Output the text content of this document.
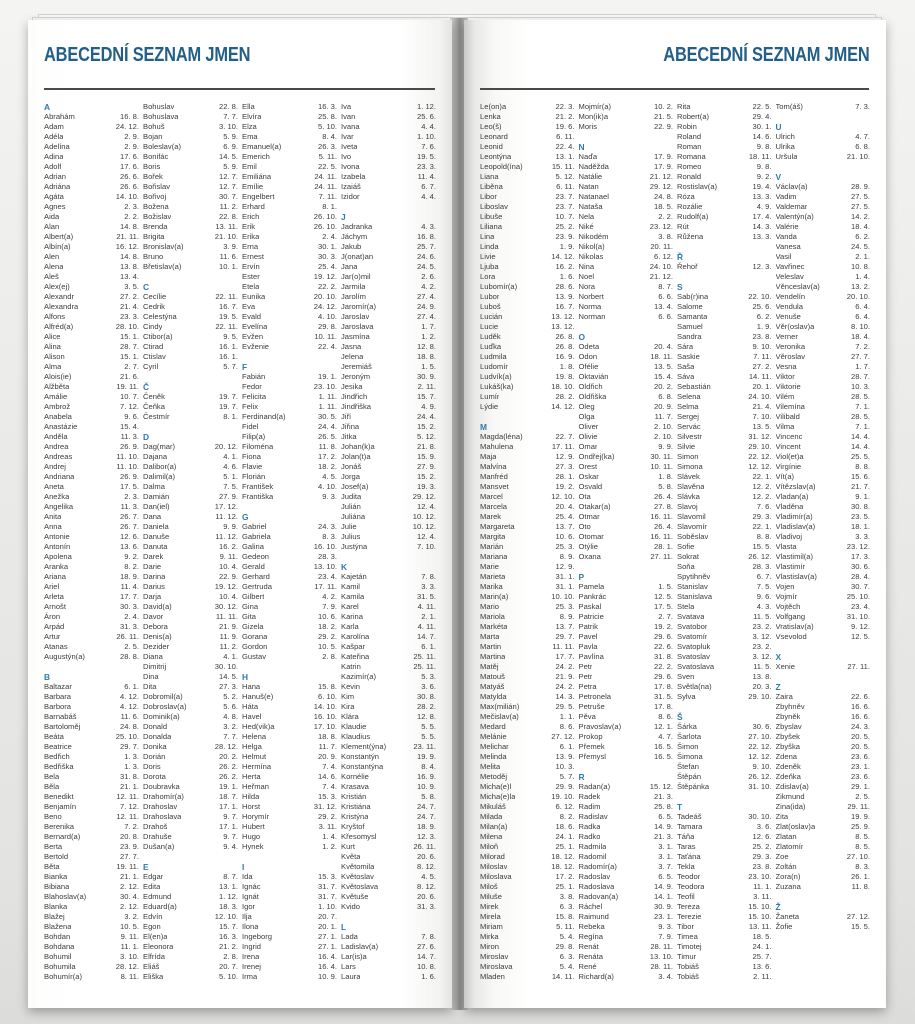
ABECEDNÍ SEZNAM JMEN
A
Abrahám	16. 8.
Adam	24. 12.
Adéla	2. 9.
Adelína	2. 9.
Adina	17. 6.
Adolf	17. 6.
Adrian	26. 6.
Adriána	26. 6.
Agáta	14. 10.
Agnes	2. 3.
Aida	2. 2.
Alan	14. 8.
Albert(a)	21. 11.
Albín(a)	16. 12.
Alen	14. 8.
Alena	13. 8.
Aleš	13. 4.
Alex(ej)	3. 5.
Alexandr	27. 2.
Alexandra	21. 4.
Alfons	23. 3.
Alfréd(a)	28. 10.
Alice	15. 1.
Alina	28. 7.
Alison	15. 1.
Alma	2. 7.
Alois(ie)	21. 6.
Alžběta	19. 11.
Amálie	10. 7.
Ambrož	7. 12.
Anabela	9. 6.
Anastázie	15. 4.
Anděla	11. 3.
Andrea	26. 9.
Andreas	11. 10.
Andrej	11. 10.
Andriana	26. 9.
Aneta	17. 5.
Anežka	2. 3.
Angelika	11. 3.
Anita	26. 7.
Anna	26. 7.
Antonie	12. 6.
Antonín	13. 6.
Apolena	9. 2.
Aranka	8. 2.
Ariana	18. 9.
Ariel	11. 4.
Arleta	17. 7.
Arnošt	30. 3.
Áron	2. 4.
Arpád	31. 3.
Artur	26. 11.
Atanas	2. 5.
Augustýn(a)	28. 8.
B
Baltazar	6. 1.
Barbara	4. 12.
Barbora	4. 12.
Barnabáš	11. 6.
Bartoloměj	24. 8.
Beáta	25. 10.
Beatrice	29. 7.
Bedřich	1. 3.
Bedřiška	1. 3.
Bela	31. 8.
Běla	21. 1.
Benedikt	12. 11.
Benjamín	7. 12.
Beno	12. 11.
Berenika	7. 2.
Bernard(a)	20. 8.
Berta	23. 9.
Bertold	27. 7.
Běta	19. 11.
Bianka	21. 1.
Bibiana	2. 12.
Blahoslav(a)	30. 4.
Blanka	2. 12.
Blažej	3. 2.
Blažena	10. 5.
Bohdan	9. 11.
Bohdana	11. 1.
Bohumil	3. 10.
Bohumila	28. 12.
Bohumír(a)	8. 11.
Bohuslav	22. 8.
Bohuslava	7. 7.
Bohuš	3. 10.
Bojan	5. 9.
Boleslav(a)	6. 9.
Bonifác	14. 5.
Boris	5. 9.
Bořek	12. 7.
Bořislav	12. 7.
Bořivoj	30. 7.
Božena	11. 2.
Božislav	22. 8.
Brenda	13. 11.
Brigita	21. 10.
Bronislav(a)	3. 9.
Bruno	11. 6.
Břetislav(a)	10. 1.
C
Cecílie	22. 11.
Cedrik	16. 7.
Celestýna	19. 5.
Cindy	22. 11.
Ctibor(a)	9. 5.
Ctirad	16. 1.
Ctislav	16. 1.
Cyril	5. 7.
Č
Čeněk	19. 7.
Čeňka	19. 7.
Čestmír	8. 1.
D
Dag(mar)	20. 12.
Dajana	4. 1.
Dalibor(a)	4. 6.
Dalimil(a)	5. 1.
Dalma	7. 5.
Damián	27. 9.
Dan(iel)	17. 12.
Dana	11. 12.
Daniela	9. 9.
Danuše	11. 12.
Danuta	16. 2.
Darek	9. 11.
Darie	10. 4.
Darina	22. 9.
Darius	19. 12.
Darja	10. 4.
David(a)	30. 12.
Davor	11. 11.
Debora	21. 9.
Denis(a)	11. 9.
Dezider	11. 2.
Diana	4. 1.
Dimitrij	30. 10.
Dina	14. 5.
Dita	27. 3.
Dobromil(a)	5. 2.
Dobroslav(a)	5. 6.
Dominik(a)	4. 8.
Donald	3. 2.
Donalda	7. 7.
Donika	28. 12.
Dorián	20. 2.
Doris	26. 2.
Dorota	26. 2.
Doubravka	19. 1.
Drahomír(a)	18. 7.
Drahoslav	17. 1.
Drahoslava	9. 7.
Drahoš	17. 1.
Drahuše	9. 7.
Dušan(a)	9. 4.
E
Edgar	8. 7.
Edita	13. 1.
Edmund	1. 12.
Eduard(a)	18. 3.
Edvín	12. 10.
Egon	15. 7.
El(en)a	16. 3.
Eleonora	21. 2.
Elfrída	2. 8.
Eliáš	20. 7.
Eliška	5. 10.
Ella	16. 3.
Elvíra	25. 8.
Elza	5. 10.
Ema	8. 4.
Emanuel(a)	26. 3.
Emerich	5. 11.
Emil	22. 5.
Emiliána	24. 11.
Emílie	24. 11.
Engelbert	7. 11.
Erhard	8. 1.
Erich	26. 10.
Erik	26. 10.
Erika	2. 4.
Erna	30. 1.
Ernest	30. 3.
Ervín	25. 4.
Ester	19. 12.
Etela	22. 2.
Eunika	20. 10.
Eva	24. 12.
Evald	4. 10.
Evelína	29. 8.
Evžen	10. 11.
Evženie	22. 4.
F
Fabián	19. 1.
Fedor	23. 10.
Felicita	1. 11.
Felix	1. 11.
Ferdinand(a)	30. 5.
Fidel	24. 4.
Filip(a)	26. 5.
Filoména	11. 8.
Fiona	17. 2.
Flavie	18. 2.
Florián	4. 5.
František	4. 10.
Františka	9. 3.
G
Gabriel	24. 3.
Gabriela	8. 3.
Galina	16. 10.
Gedeon	28. 3.
Gerald	13. 10.
Gerhard	23. 4.
Gertruda	17. 11.
Gilbert	4. 2.
Gina	7. 9.
Gita	10. 6.
Gizela	18. 2.
Gorana	29. 2.
Gordon	10. 5.
Gustav	2. 8.
H
Hana	15. 8.
Hanuš(e)	6. 10.
Háta	14. 10.
Havel	16. 10.
Hed(vik)a	17. 10.
Helena	18. 8.
Helga	11. 7.
Helmut	20. 9.
Hermína	7. 4.
Herta	14. 6.
Heřman	7. 4.
Hilda	15. 3.
Horst	31. 12.
Horymír	29. 2.
Hubert	3. 11.
Hugo	1. 4.
Hynek	1. 2.
I
Ida	15. 3.
Ignác	31. 7.
Ignát	31. 7.
Igor	1. 10.
Ilja	20. 7.
Ilona	20. 1.
Ingeborg	27. 1.
Ingrid	27. 1.
Irena	16. 4.
Irenej	16. 4.
Irma	10. 9.
Iva	1. 12.
Ivan	25. 6.
Ivana	4. 4.
Ivar	1. 10.
Iveta	7. 6.
Ivo	19. 5.
Ivona	23. 3.
Izabela	11. 4.
Izaiáš	6. 7.
Izidor	4. 4.
J
Jadranka	4. 3.
Jáchym	16. 8.
Jakub	25. 7.
J(onat)an	24. 6.
Jana	24. 5.
Jar(o)mil	2. 6.
Jarmila	4. 2.
Jarolím	27. 4.
Jaromír(a)	24. 9.
Jaroslav	27. 4.
Jaroslava	1. 7.
Jasmína	1. 2.
Jasna	12. 8.
Jelena	18. 8.
Jeremiáš	1. 5.
Jeroným	30. 9.
Jesika	2. 11.
Jindřich	15. 7.
Jindřiška	4. 9.
Jiří	24. 4.
Jiřina	15. 2.
Jitka	5. 12.
Johan(k)a	21. 8.
Jolan(t)a	15. 9.
Jonáš	27. 9.
Jorga	15. 2.
Josef(a)	19. 3.
Judita	29. 12.
Julián	12. 4.
Juliána	10. 12.
Julie	10. 12.
Julius	12. 4.
Justýna	7. 10.
K
Kajetán	7. 8.
Kamil	3. 3.
Kamila	31. 5.
Karel	4. 11.
Karina	2. 1.
Karla	4. 11.
Karolína	14. 7.
Kašpar	6. 1.
Kateřina	25. 11.
Katrin	25. 11.
Kazimír(a)	5. 3.
Kevin	3. 6.
Kim	30. 8.
Kira	28. 2.
Klára	12. 8.
Klaudie	5. 5.
Klaudius	5. 5.
Klement(ýna)	23. 11.
Konstantýn	19. 9.
Konstantýna	8. 4.
Kornélie	16. 9.
Krasava	10. 9.
Kristián	5. 8.
Kristiána	24. 7.
Kristýna	24. 7.
Kryštof	18. 9.
Křesomysl	12. 3.
Kurt	26. 11.
Květa	20. 6.
Květomila	8. 12.
Květoslav	4. 5.
Květoslava	8. 12.
Květuše	20. 6.
Kvido	31. 3.
L
Lada	7. 8.
Ladislav(a)	27. 6.
Lar(is)a	14. 7.
Lars	10. 8.
Laura	1. 6.
ABECEDNÍ SEZNAM JMEN
Le(on)a	22. 3.
Lenka	21. 2.
Leo(š)	19. 6.
Leonard	6. 11.
Leonid	22. 4.
Leontýna	13. 1.
Leopold(ína)	15. 11.
Liana	5. 12.
Liběna	6. 11.
Libor	23. 7.
Liboslav	23. 7.
Libuše	10. 7.
Liliana	25. 2.
Lina	23. 9.
Linda	1. 9.
Livie	14. 12.
Ljuba	16. 2.
Lora	1. 6.
Lubomír(a)	28. 6.
Lubor	13. 9.
Luboš	16. 7.
Lucián	13. 12.
Lucie	13. 12.
Luděk	26. 8.
Luďka	26. 8.
Ludmila	16. 9.
Ludomír	1. 8.
Ludvík(a)	19. 8.
Lukáš(ka)	18. 10.
Lumír	28. 2.
Lýdie	14. 12.
M
Magda(léna)	22. 7.
Mahulena	17. 11.
Maja	12. 9.
Malvína	27. 3.
Manfréd	28. 1.
Mansvet	19. 2.
Marcel	12. 10.
Marcela	20. 4.
Marek	25. 4.
Margareta	13. 7.
Margita	10. 6.
Marián	25. 3.
Mariana	8. 9.
Marie	12. 9.
Marieta	31. 1.
Marika	31. 1.
Marin(a)	10. 10.
Mario	25. 3.
Mariola	8. 9.
Markéta	13. 7.
Marta	29. 7.
Martin	11. 11.
Martina	17. 7.
Matěj	24. 2.
Matouš	21. 9.
Matyáš	24. 2.
Matylda	14. 3.
Max(milián)	29. 5.
Mečislav(a)	1. 1.
Medard	8. 6.
Melánie	27. 12.
Melichar	6. 1.
Melinda	13. 9.
Melita	10. 3.
Metoděj	5. 7.
Micha(e)l	29. 9.
Micha(e)la	19. 10.
Mikuláš	6. 12.
Milada	8. 2.
Milan(a)	18. 6.
Milena	24. 1.
Miloň	25. 1.
Milorad	18. 12.
Miloslav	18. 12.
Miloslava	17. 2.
Miloš	25. 1.
Miluše	3. 8.
Mirek	6. 3.
Mirela	15. 8.
Miriam	5. 11.
Mirka	5. 4.
Miron	29. 8.
Miroslav	6. 3.
Miroslava	5. 4.
Mladen	14. 11.
Mojmír(a)	10. 2.
Mon(ik)a	21. 5.
Moris	22. 9.
N
Naďa	17. 9.
Naděžda	17. 9.
Natálie	21. 12.
Natan	29. 12.
Natanael	24. 8.
Nataša	18. 5.
Nela	2. 2.
Niké	23. 12.
Nikodém	3. 8.
Nikol(a)	20. 11.
Nikolas	6. 12.
Nina	24. 10.
Noel	21. 12.
Nora	8. 7.
Norbert	6. 6.
Norma	13. 4.
Norman	6. 6.
O
Odeta	20. 4.
Odon	18. 11.
Ofélie	13. 5.
Oktavián	15. 4.
Oldřich	20. 2.
Oldřiška	6. 8.
Oleg	20. 9.
Olga	11. 7.
Oliver	2. 10.
Olivie	2. 10.
Omar	9. 9.
Ondřej(ka)	30. 11.
Orest	10. 11.
Oskar	1. 8.
Osvald	5. 8.
Ota	26. 4.
Otakar(a)	27. 8.
Otmar	16. 11.
Oto	26. 4.
Otomar	16. 11.
Otýlie	28. 1.
Oxana	27. 11.
P
Pamela	1. 5.
Pankrác	12. 5.
Paskal	17. 5.
Patricie	2. 7.
Patrik	19. 2.
Pavel	29. 6.
Pavla	22. 6.
Pavlína	31. 8.
Petr	22. 2.
Petr	29. 6.
Petra	17. 8.
Petronela	31. 5.
Petruše	17. 8.
Pěva	8. 6.
Pravoslav(a)	12. 1.
Prokop	4. 7.
Přemek	16. 5.
Přemysl	16. 5.
R
Radan(a)	15. 12.
Radek	21. 3.
Radim	25. 8.
Radislav	6. 5.
Radka	14. 9.
Radko	21. 3.
Radmila	3. 1.
Radomil	3. 1.
Radomír(a)	3. 7.
Radoslav	6. 5.
Radoslava	14. 9.
Radovan(a)	14. 1.
Ráchel	30. 9.
Raimund	23. 1.
Rebeka	9. 3.
Regína	7. 9.
Renát	28. 11.
Renáta	13. 10.
René	28. 11.
Richard(a)	3. 4.
Rita	22. 5.
Robert(a)	29. 4.
Robin	30. 1.
Roland	14. 6.
Roman	9. 8.
Romana	18. 11.
Romeo	9. 8.
Ronald	9. 2.
Rostislav(a)	19. 4.
Róza	13. 3.
Rozálie	4. 9.
Rudolf(a)	17. 4.
Rút	14. 3.
Růžena	13. 3.
Ř
Řehoř	12. 3.
S
Sab(r)ina	22. 10.
Salome	25. 6.
Samanta	6. 2.
Samuel	1. 9.
Sandra	23. 8.
Sára	9. 10.
Saskie	7. 11.
Saša	27. 2.
Sáva	14. 11.
Sebastián	20. 1.
Selena	24. 10.
Selma	21. 4.
Sergej	7. 10.
Servác	13. 5.
Silvestr	31. 12.
Silvie	29. 10.
Simon	22. 12.
Simona	12. 12.
Slávek	22. 1.
Slavěna	12. 2.
Slávka	12. 2.
Slavoj	7. 6.
Slavomil	29. 3.
Slavomír	22. 1.
Soběslav	8. 8.
Sofie	15. 5.
Sokrat	26. 12.
Soňa	28. 3.
Spytihněv	6. 7.
Stanislav	7. 5.
Stanislava	9. 6.
Stela	4. 3.
Svatava	11. 5.
Svatobor	23. 2.
Svatomír	3. 12.
Svatopluk	23. 2.
Svatoslav	3. 12.
Svatoslava	11. 5.
Sven	13. 8.
Světla(na)	20. 3.
Sylva	29. 10.
Š
Šárka	30. 6.
Šarlota	27. 10.
Šimon	22. 12.
Šimona	12. 12.
Štefan	9. 10.
Štěpán	26. 12.
Štěpánka	31. 10.
T
Tadeáš	30. 10.
Tamara	3. 6.
Táňa	12. 6.
Taras	25. 2.
Taťána	29. 3.
Tekla	23. 8.
Teodor	23. 10.
Teodora	11. 1.
Teofil	3. 11.
Tereza	15. 10.
Terezie	15. 10.
Tibor	13. 11.
Timea	18. 5.
Timotej	24. 1.
Timur	25. 7.
Tobiáš	13. 6.
Tobiáš	2. 11.
Tom(áš)	7. 3.
U
Ulrich	4. 7.
Ulrika	6. 8.
Uršula	21. 10.
V
Václav(a)	28. 9.
Vadim	27. 5.
Valdemar	27. 5.
Valentýn(a)	14. 2.
Valérie	18. 4.
Vanda	6. 2.
Vanesa	24. 5.
Vasil	2. 1.
Vavřinec	10. 8.
Veleslav	1. 4.
Věnceslav(a)	13. 2.
Vendelín	20. 10.
Vendula	6. 4.
Venuše	6. 4.
Věr(oslav)a	8. 10.
Verner	18. 4.
Veronika	7. 2.
Věroslav	27. 7.
Vesna	1. 7.
Viktor	28. 7.
Viktorie	10. 3.
Vilém	28. 5.
Vilemína	7. 1.
Vilibald	28. 5.
Vilma	7. 1.
Vincenc	14. 4.
Vincent	14. 4.
Viol(et)a	25. 5.
Virgínie	8. 8.
Vít(a)	15. 6.
Vítězslav(a)	21. 7.
Vladan(a)	9. 1.
Vladěna	30. 8.
Vladimír(a)	23. 5.
Vladislav(a)	18. 1.
Vladivoj	3. 3.
Vlasta	23. 12.
Vlastimil(a)	17. 3.
Vlastimír	30. 6.
Vlastislav(a)	28. 4.
Vojen	30. 7.
Vojmír	25. 10.
Vojtěch	23. 4.
Volfgang	31. 10.
Vratislav(a)	9. 12.
Vsevolod	12. 5.
X
Xenie	27. 11.
Z
Zaira	22. 6.
Zbyhněv	16. 6.
Zbyněk	16. 6.
Zbyslav	24. 3.
Zbyšek	20. 5.
Zbyška	20. 5.
Zdena	23. 6.
Zdeněk	23. 1.
Zdeňka	23. 6.
Zdislav(a)	29. 1.
Zikmund	2. 5.
Zina(ida)	29. 11.
Zita	19. 9.
Zlat(oslav)a	25. 9.
Zlatan	8. 5.
Zlatomír	8. 5.
Zoe	27. 10.
Zoltán	8. 3.
Zora(n)	26. 1.
Zuzana	11. 8.
Ž
Žaneta	27. 12.
Žofie	15. 5.
